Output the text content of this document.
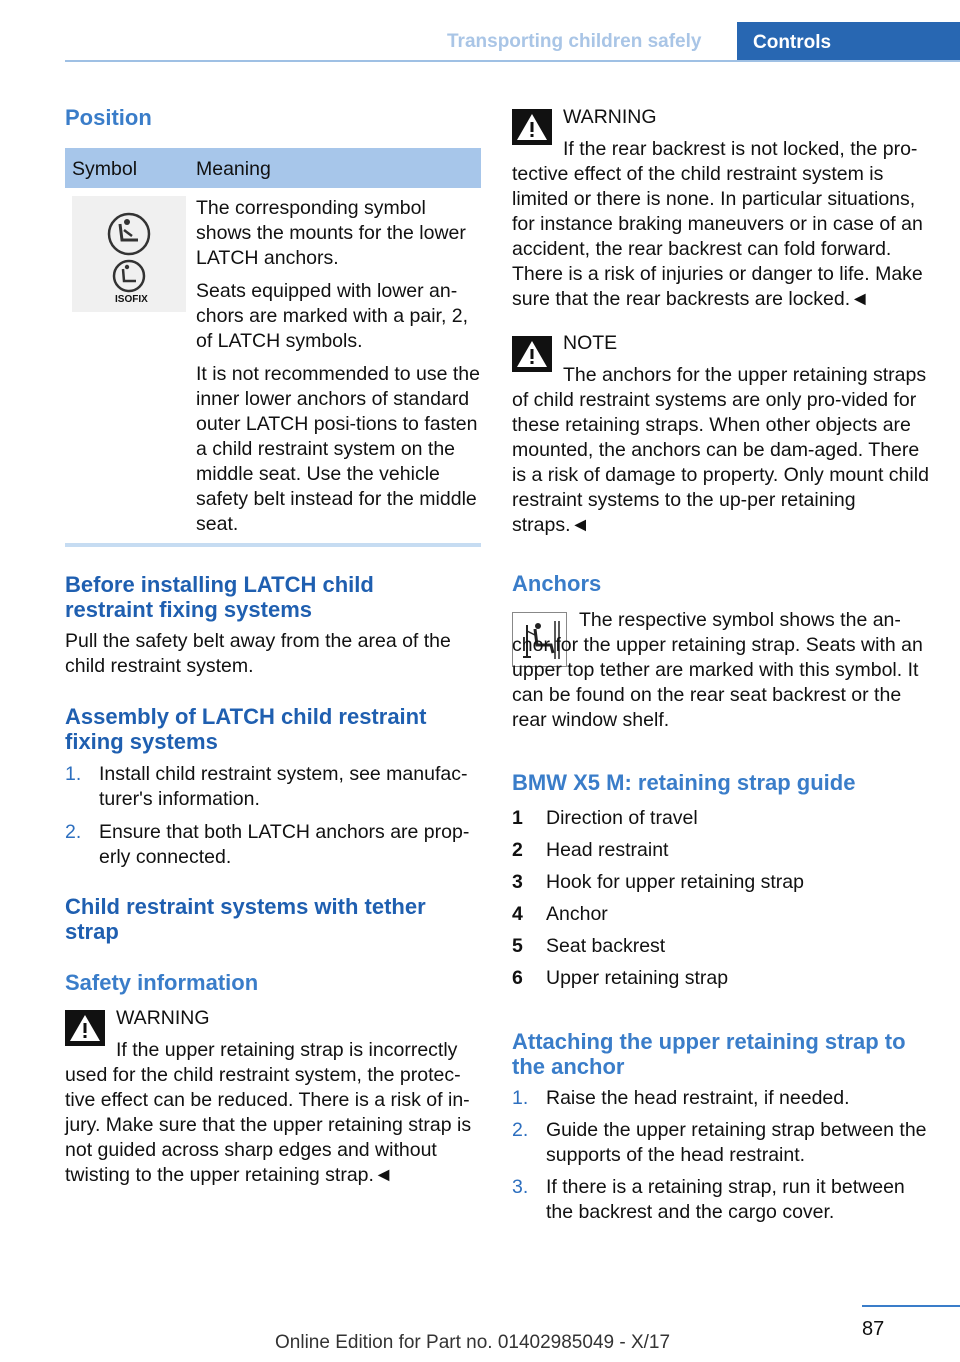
Transporting children safely	Controls
Position
Symbol	Meaning
ISOFIX

The corresponding symbol shows the mounts for the lower LATCH anchors.

Seats equipped with lower an-chors are marked with a pair, 2, of LATCH symbols.

It is not recommended to use the inner lower anchors of standard outer LATCH posi-tions to fasten a child restraint system on the middle seat. Use the vehicle safety belt instead for the middle seat.

Before installing LATCH child restraint fixing systems

Pull the safety belt away from the area of the child restraint system.

Assembly of LATCH child restraint fixing systems
1. Install child restraint system, see manufac-turer's information.
2. Ensure that both LATCH anchors are prop-erly connected.
Child restraint systems with tether strap
Safety information
WARNING

If the upper retaining strap is incorrectly used for the child restraint system, the protec-tive effect can be reduced. There is a risk of in-jury. Make sure that the upper retaining strap is not guided across sharp edges and without twisting to the upper retaining strap.◄

WARNING

If the rear backrest is not locked, the pro-tective effect of the child restraint system is limited or there is none. In particular situations, for instance braking maneuvers or in case of an accident, the rear backrest can fold forward. There is a risk of injuries or danger to life. Make sure that the rear backrests are locked.◄

NOTE

The anchors for the upper retaining straps of child restraint systems are only pro-vided for these retaining straps. When other objects are mounted, the anchors can be dam-aged. There is a risk of damage to property. Only mount child restraint systems to the up-per retaining straps.◄

Anchors

The respective symbol shows the an-chor for the upper retaining strap. Seats with an upper top tether are marked with this symbol. It can be found on the rear seat backrest or the rear window shelf.

BMW X5 M: retaining strap guide
1 Direction of travel
2 Head restraint
3 Hook for upper retaining strap
4 Anchor
5 Seat backrest
6 Upper retaining strap
Attaching the upper retaining strap to the anchor
1. Raise the head restraint, if needed.
2. Guide the upper retaining strap between the supports of the head restraint.
3. If there is a retaining strap, run it between the backrest and the cargo cover.
87
Online Edition for Part no. 01402985049 - X/17
